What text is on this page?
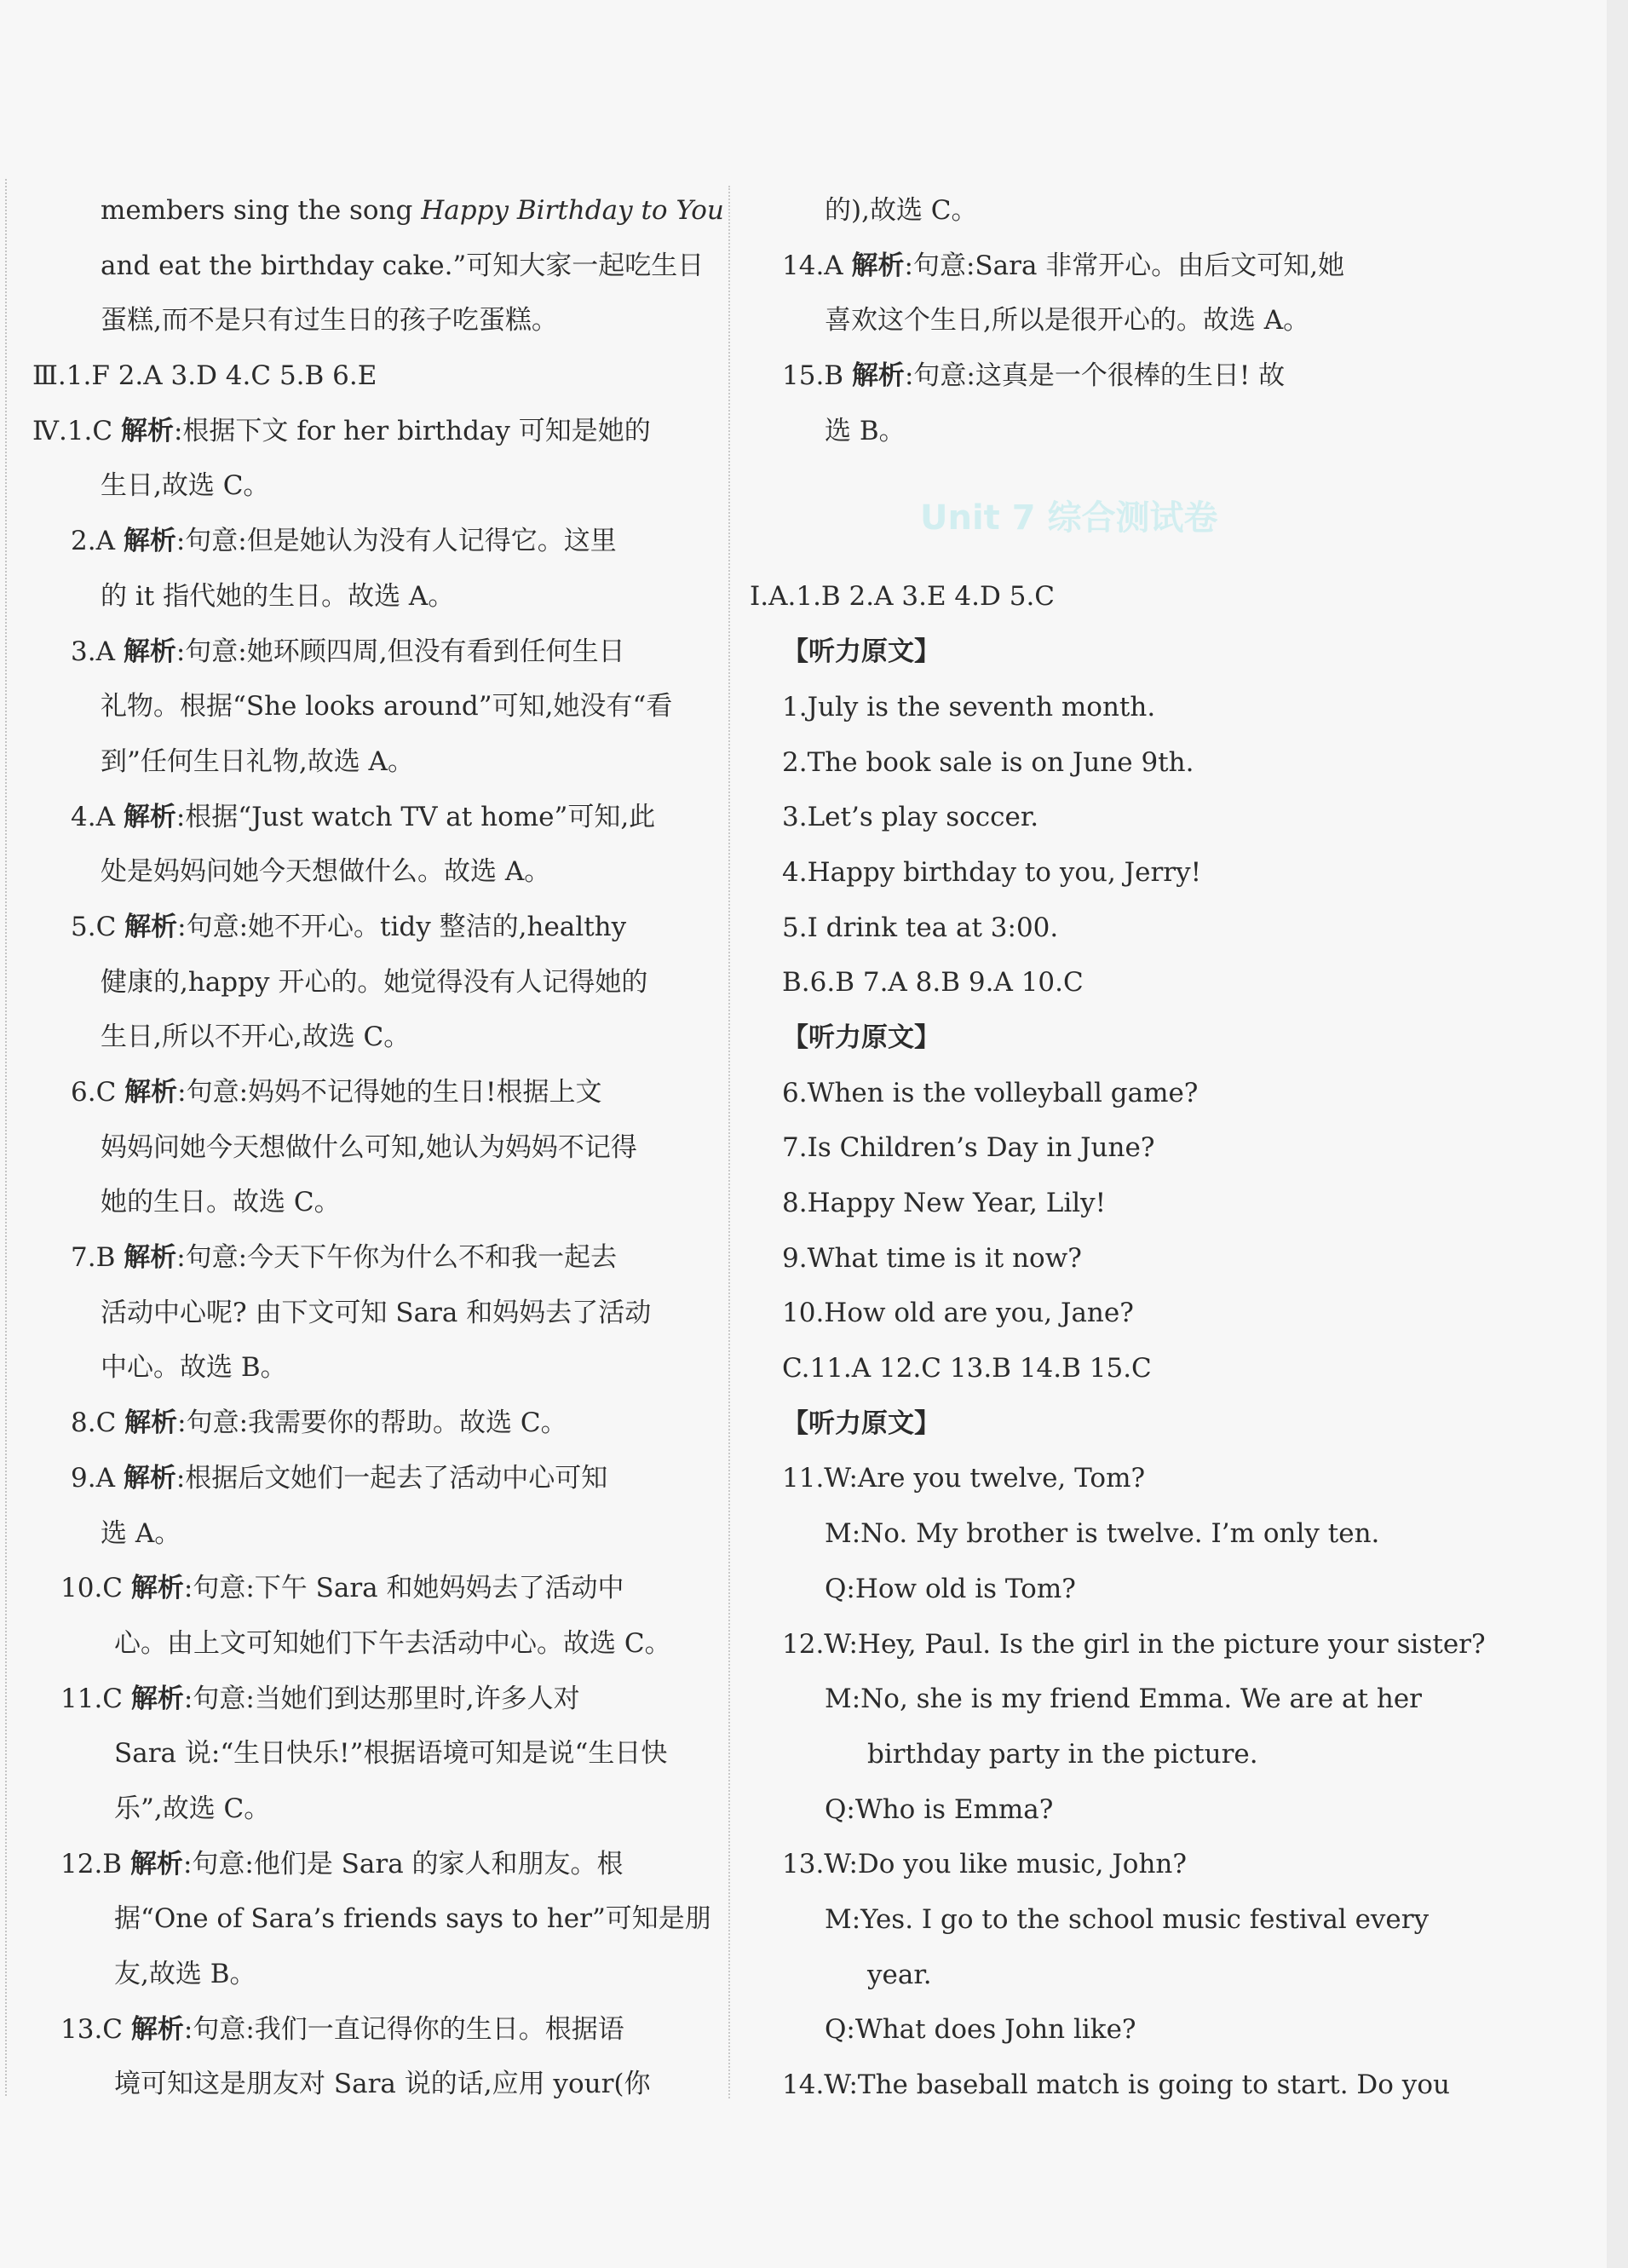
members sing the song Happy Birthday to You
and eat the birthday cake.”可知大家一起吃生日
蛋糕,而不是只有过生日的孩子吃蛋糕。
Ⅲ.1.F 2.A 3.D 4.C 5.B 6.E
Ⅳ.1.C 解析:根据下文 for her birthday 可知是她的
生日,故选 C。
2.A 解析:句意:但是她认为没有人记得它。这里
的 it 指代她的生日。故选 A。
3.A 解析:句意:她环顾四周,但没有看到任何生日
礼物。根据“She looks around”可知,她没有“看
到”任何生日礼物,故选 A。
4.A 解析:根据“Just watch TV at home”可知,此
处是妈妈问她今天想做什么。故选 A。
5.C 解析:句意:她不开心。tidy 整洁的,healthy
健康的,happy 开心的。她觉得没有人记得她的
生日,所以不开心,故选 C。
6.C 解析:句意:妈妈不记得她的生日!根据上文
妈妈问她今天想做什么可知,她认为妈妈不记得
她的生日。故选 C。
7.B 解析:句意:今天下午你为什么不和我一起去
活动中心呢? 由下文可知 Sara 和妈妈去了活动
中心。故选 B。
8.C 解析:句意:我需要你的帮助。故选 C。
9.A 解析:根据后文她们一起去了活动中心可知
选 A。
10.C 解析:句意:下午 Sara 和她妈妈去了活动中
心。由上文可知她们下午去活动中心。故选 C。
11.C 解析:句意:当她们到达那里时,许多人对
Sara 说:“生日快乐!”根据语境可知是说“生日快
乐”,故选 C。
12.B 解析:句意:他们是 Sara 的家人和朋友。根
据“One of Sara’s friends says to her”可知是朋
友,故选 B。
13.C 解析:句意:我们一直记得你的生日。根据语
境可知这是朋友对 Sara 说的话,应用 your(你
的),故选 C。
14.A 解析:句意:Sara 非常开心。由后文可知,她
喜欢这个生日,所以是很开心的。故选 A。
15.B 解析:句意:这真是一个很棒的生日! 故
选 B。
Unit 7 综合测试卷
Ⅰ.A.1.B 2.A 3.E 4.D 5.C
【听力原文】
1.July is the seventh month.
2.The book sale is on June 9th.
3.Let’s play soccer.
4.Happy birthday to you, Jerry!
5.I drink tea at 3:00.
B.6.B 7.A 8.B 9.A 10.C
【听力原文】
6.When is the volleyball game?
7.Is Children’s Day in June?
8.Happy New Year, Lily!
9.What time is it now?
10.How old are you, Jane?
C.11.A 12.C 13.B 14.B 15.C
【听力原文】
11.W:Are you twelve, Tom?
M:No. My brother is twelve. I’m only ten.
Q:How old is Tom?
12.W:Hey, Paul. Is the girl in the picture your sister?
M:No, she is my friend Emma. We are at her
birthday party in the picture.
Q:Who is Emma?
13.W:Do you like music, John?
M:Yes. I go to the school music festival every
year.
Q:What does John like?
14.W:The baseball match is going to start. Do you
